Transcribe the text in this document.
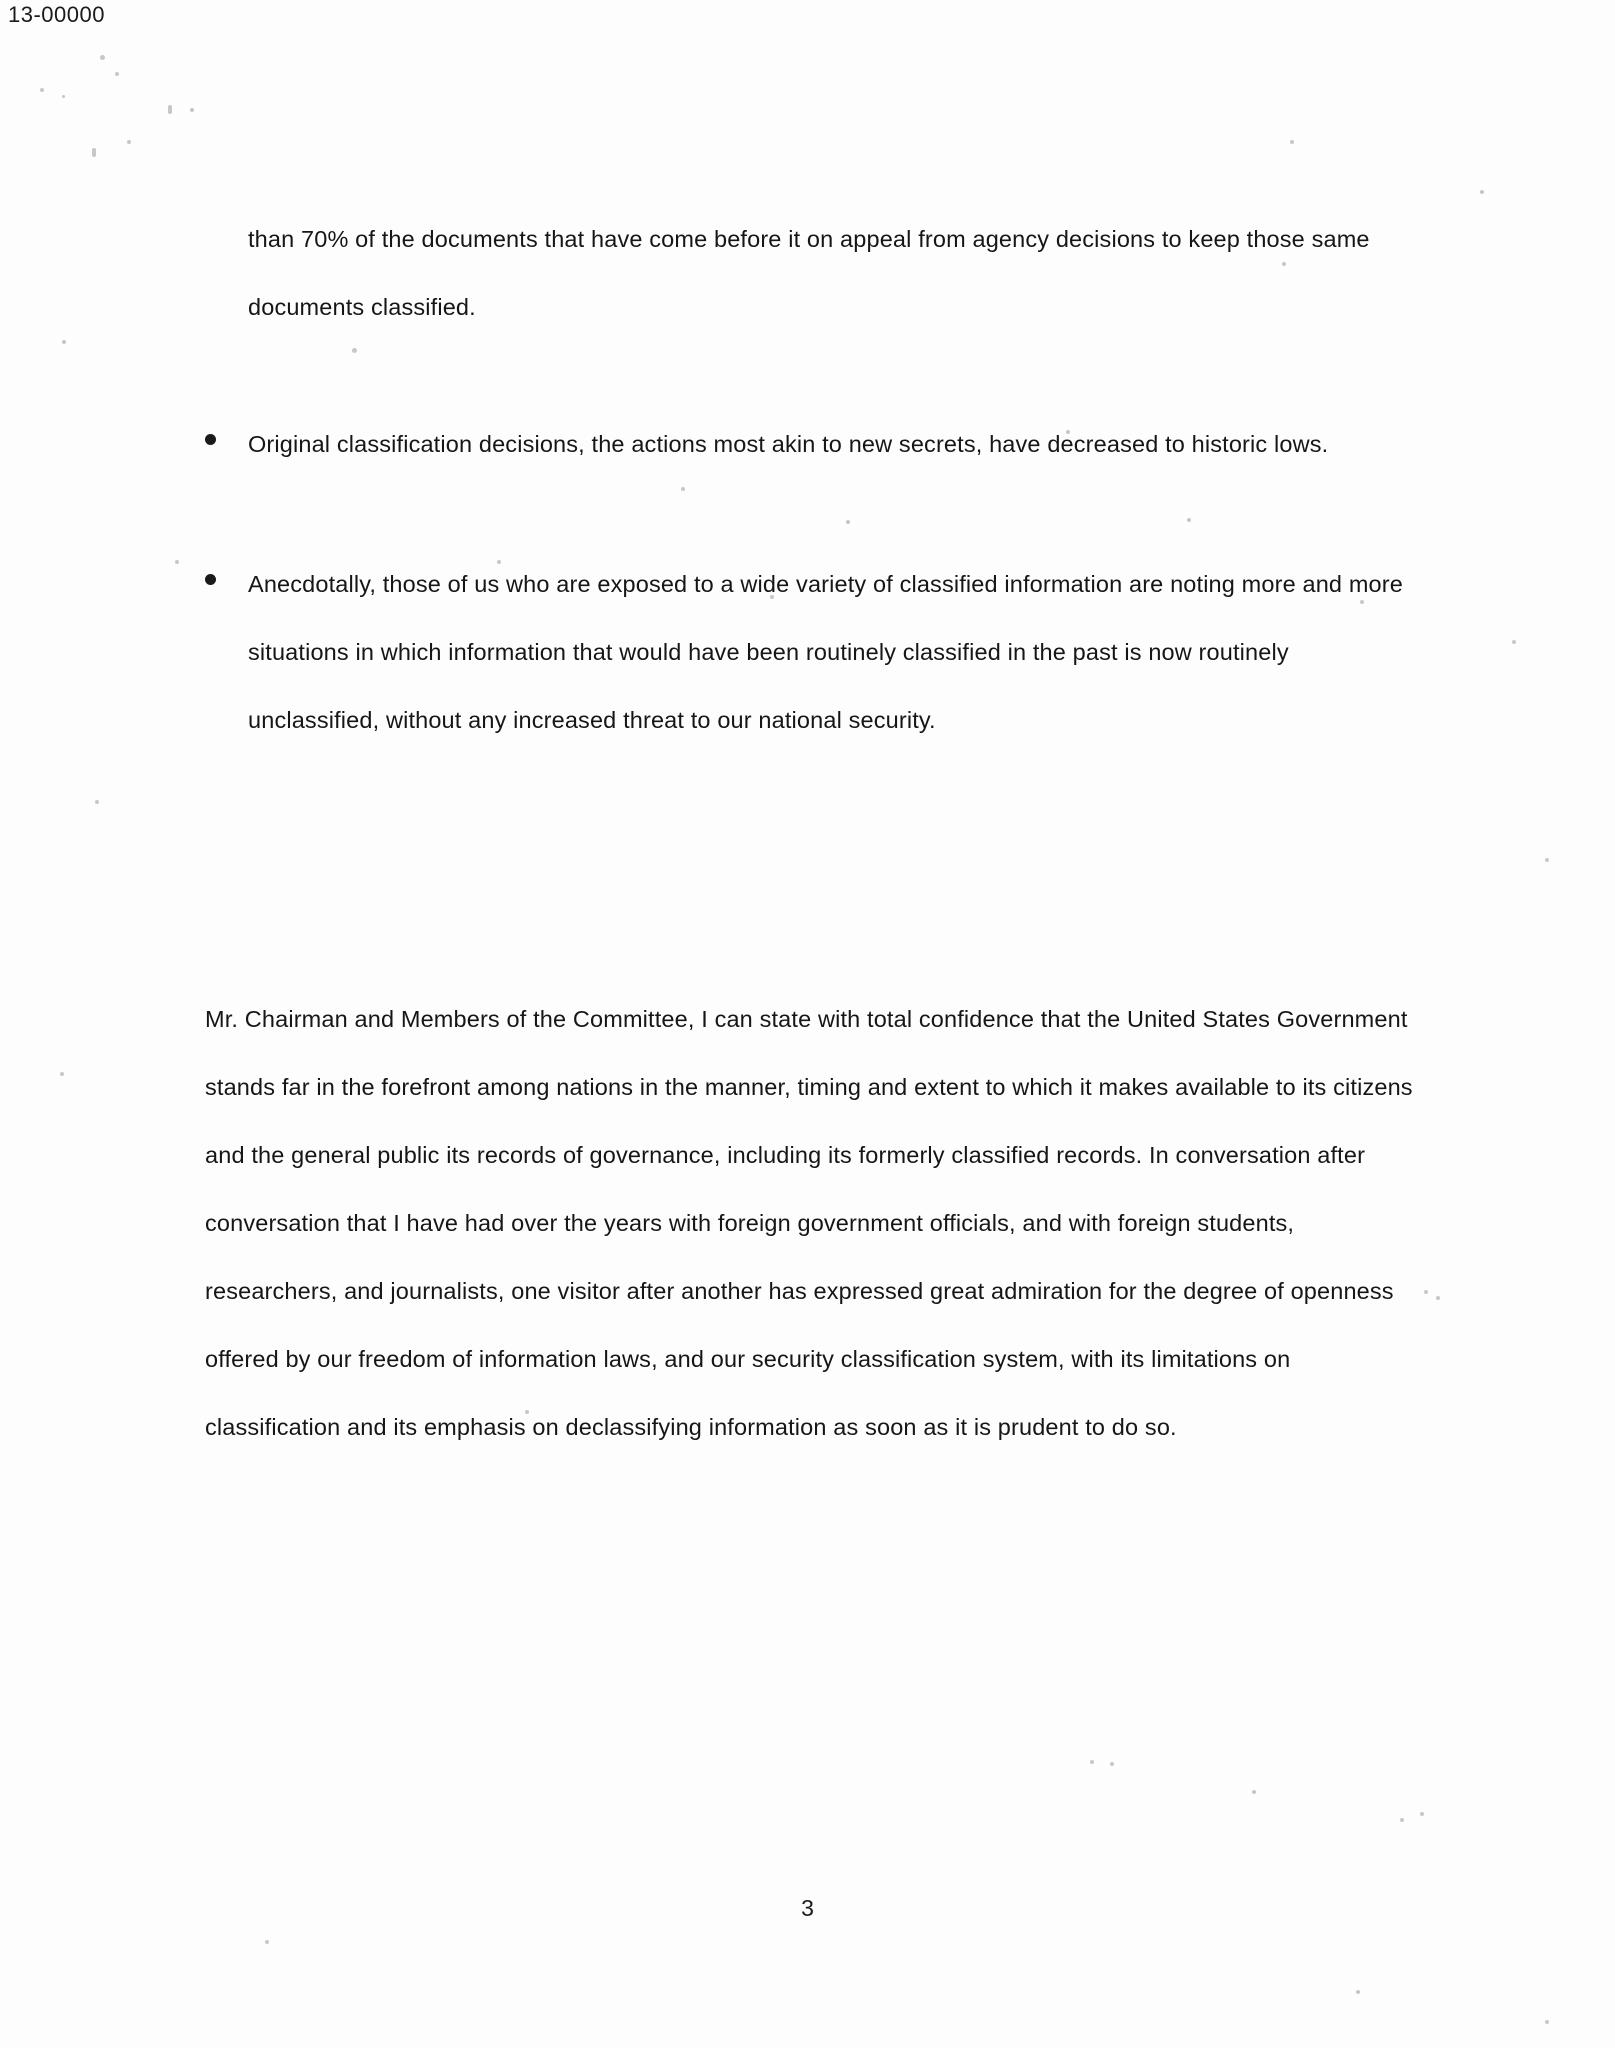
13-00000

than 70% of the documents that have come before it on appeal from agency decisions to keep those same documents classified.

Original classification decisions, the actions most akin to new secrets, have decreased to historic lows.

Anecdotally, those of us who are exposed to a wide variety of classified information are noting more and more situations in which information that would have been routinely classified in the past is now routinely unclassified, without any increased threat to our national security.

Mr. Chairman and Members of the Committee, I can state with total confidence that the United States Government stands far in the forefront among nations in the manner, timing and extent to which it makes available to its citizens and the general public its records of governance, including its formerly classified records. In conversation after conversation that I have had over the years with foreign government officials, and with foreign students, researchers, and journalists, one visitor after another has expressed great admiration for the degree of openness offered by our freedom of information laws, and our security classification system, with its limitations on classification and its emphasis on declassifying information as soon as it is prudent to do so.

3
